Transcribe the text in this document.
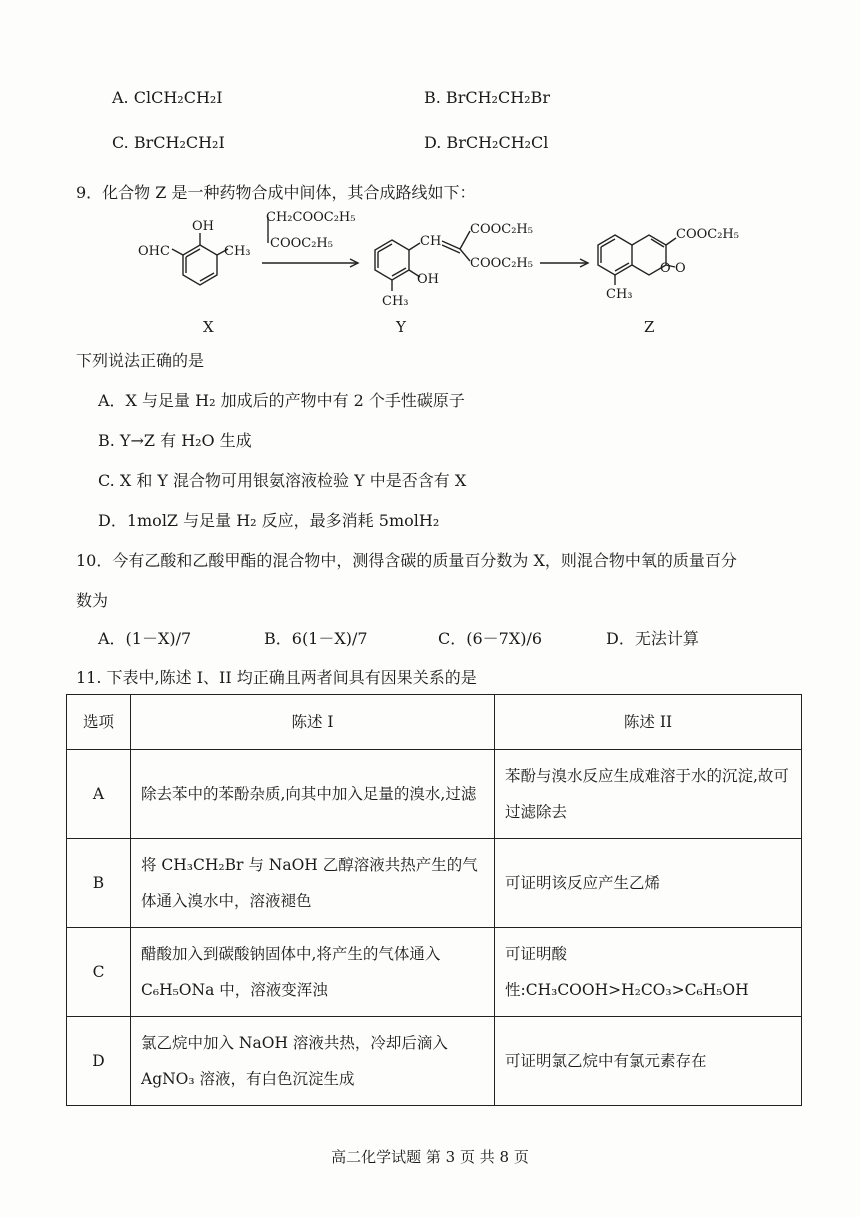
A. ClCH₂CH₂I	B. BrCH₂CH₂Br
C. BrCH₂CH₂I	D. BrCH₂CH₂Cl
9．化合物 Z 是一种药物合成中间体，其合成路线如下：
OH
OHC	CH₃
CH₂COOC₂H₅
COOC₂H₅	CH
COOC₂H₅
COOC₂H₅
OH
CH₃
COOC₂H₅
O O
CH₃
X	Y	Z
下列说法正确的是
A．X 与足量 H₂ 加成后的产物中有 2 个手性碳原子
B. Y→Z 有 H₂O 生成
C. X 和 Y 混合物可用银氨溶液检验 Y 中是否含有 X
D．1molZ 与足量 H₂ 反应，最多消耗 5molH₂
10．今有乙酸和乙酸甲酯的混合物中，测得含碳的质量百分数为 X，则混合物中氧的质量百分
数为
A．(1－X)/7	B．6(1－X)/7	C．(6－7X)/6	D．无法计算
11. 下表中,陈述 I、II 均正确且两者间具有因果关系的是
选项	陈述 I	陈述 II
A	除去苯中的苯酚杂质,向其中加入足量的溴水,过滤	苯酚与溴水反应生成难溶于水的沉淀,故可过滤除去
B	将 CH₃CH₂Br 与 NaOH 乙醇溶液共热产生的气体通入溴水中，溶液褪色	可证明该反应产生乙烯
C	醋酸加入到碳酸钠固体中,将产生的气体通入 C₆H₅ONa 中，溶液变浑浊	可证明酸性:CH₃COOH>H₂CO₃>C₆H₅OH
D	氯乙烷中加入 NaOH 溶液共热，冷却后滴入 AgNO₃ 溶液，有白色沉淀生成	可证明氯乙烷中有氯元素存在
高二化学试题 第 3 页 共 8 页
